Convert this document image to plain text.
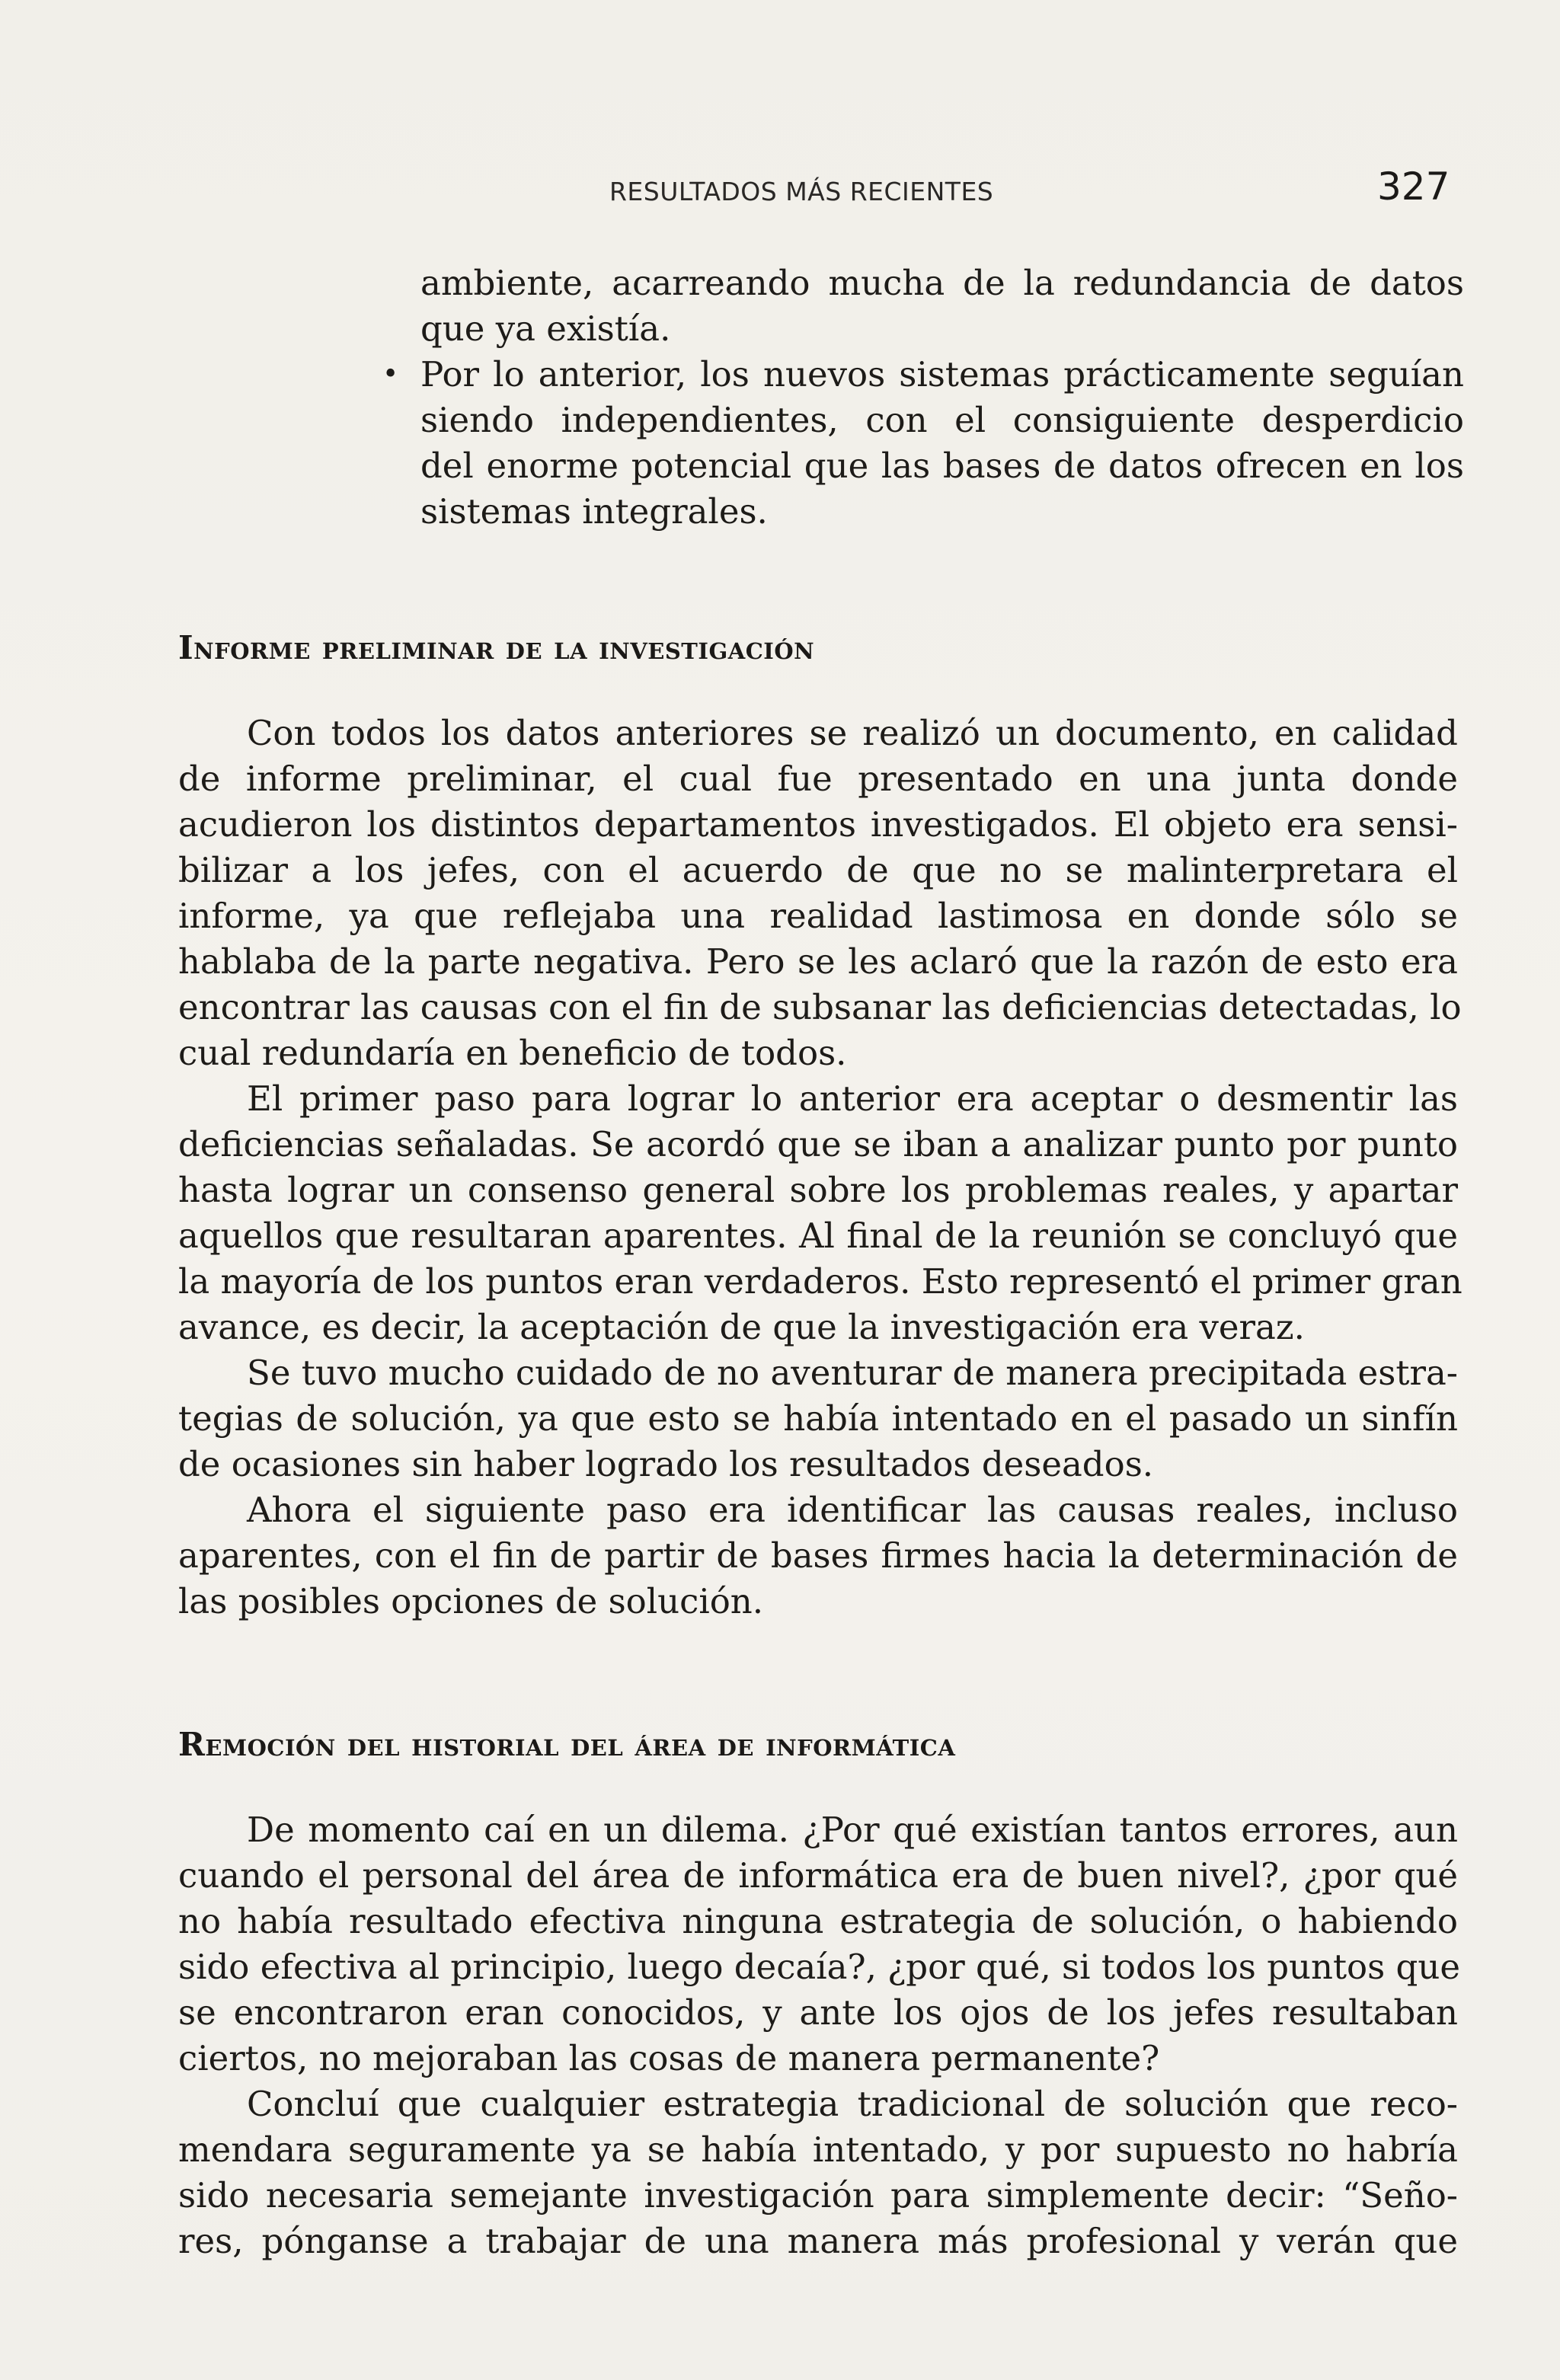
RESULTADOS MÁS RECIENTES	327
ambiente, acarreando mucha de la redundancia de datos
que ya existía.
• Por lo anterior, los nuevos sistemas prácticamente seguían
siendo independientes, con el consiguiente desperdicio
del enorme potencial que las bases de datos ofrecen en los
sistemas integrales.
Informe preliminar de la investigación
Con todos los datos anteriores se realizó un documento, en calidad
de informe preliminar, el cual fue presentado en una junta donde
acudieron los distintos departamentos investigados. El objeto era sensi-
bilizar a los jefes, con el acuerdo de que no se malinterpretara el
informe, ya que reflejaba una realidad lastimosa en donde sólo se
hablaba de la parte negativa. Pero se les aclaró que la razón de esto era
encontrar las causas con el fin de subsanar las deficiencias detectadas, lo
cual redundaría en beneficio de todos.
El primer paso para lograr lo anterior era aceptar o desmentir las
deficiencias señaladas. Se acordó que se iban a analizar punto por punto
hasta lograr un consenso general sobre los problemas reales, y apartar
aquellos que resultaran aparentes. Al final de la reunión se concluyó que
la mayoría de los puntos eran verdaderos. Esto representó el primer gran
avance, es decir, la aceptación de que la investigación era veraz.
Se tuvo mucho cuidado de no aventurar de manera precipitada estra-
tegias de solución, ya que esto se había intentado en el pasado un sinfín
de ocasiones sin haber logrado los resultados deseados.
Ahora el siguiente paso era identificar las causas reales, incluso
aparentes, con el fin de partir de bases firmes hacia la determinación de
las posibles opciones de solución.
Remoción del historial del área de informática
De momento caí en un dilema. ¿Por qué existían tantos errores, aun
cuando el personal del área de informática era de buen nivel?, ¿por qué
no había resultado efectiva ninguna estrategia de solución, o habiendo
sido efectiva al principio, luego decaía?, ¿por qué, si todos los puntos que
se encontraron eran conocidos, y ante los ojos de los jefes resultaban
ciertos, no mejoraban las cosas de manera permanente?
Concluí que cualquier estrategia tradicional de solución que reco-
mendara seguramente ya se había intentado, y por supuesto no habría
sido necesaria semejante investigación para simplemente decir: “Seño-
res, pónganse a trabajar de una manera más profesional y verán que
